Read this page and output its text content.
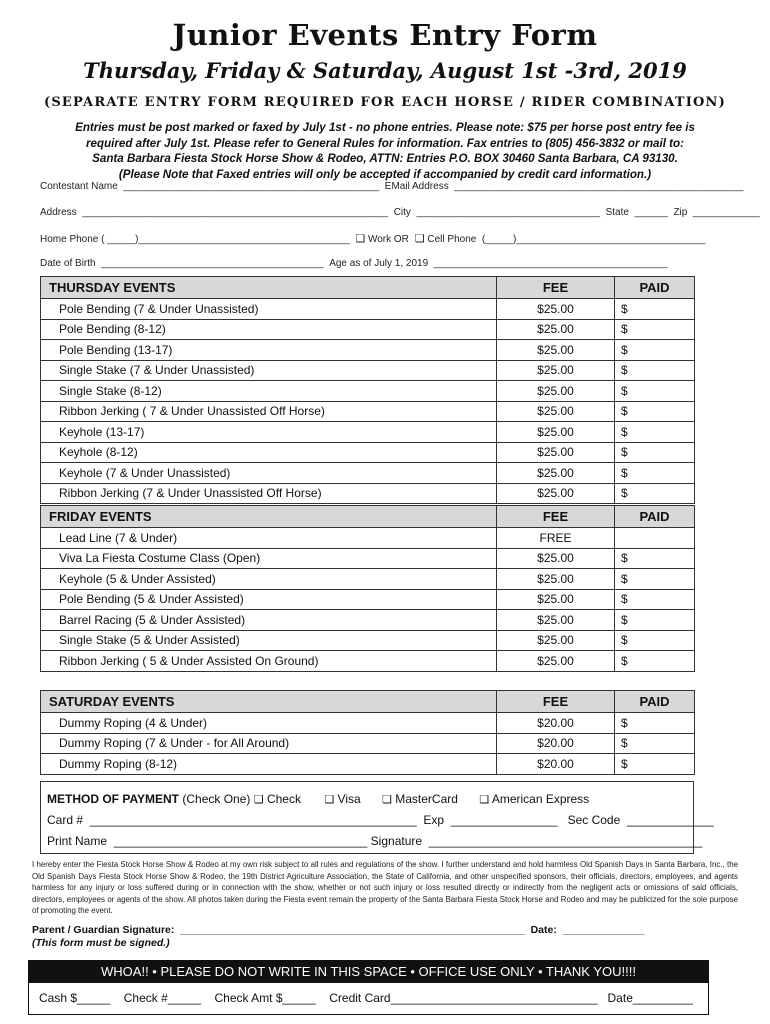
Junior Events Entry Form
Thursday, Friday & Saturday, August 1st -3rd, 2019
(SEPARATE ENTRY FORM REQUIRED FOR EACH HORSE / RIDER COMBINATION)
Entries must be post marked or faxed by July 1st - no phone entries. Please note: $75 per horse post entry fee is
required after July 1st. Please refer to General Rules for information. Fax entries to (805) 456-3832 or mail to:
Santa Barbara Fiesta Stock Horse Show & Rodeo, ATTN: Entries P.O. BOX 30460 Santa Barbara, CA 93130.
(Please Note that Faxed entries will only be accepted if accompanied by credit card information.)
Contestant Name  ______________________________________________  EMail Address  ____________________________________________________
Address  _______________________________________________________  City  _________________________________  State  ______  Zip  ____________
Home Phone ( _____)______________________________________  ❏ Work OR  ❏ Cell Phone  (_____)__________________________________
Date of Birth  ________________________________________  Age as of July 1, 2019  __________________________________________
THURSDAY EVENTS	FEE	PAID
Pole Bending (7 & Under Unassisted)	$25.00	$
Pole Bending (8-12)	$25.00	$
Pole Bending (13-17)	$25.00	$
Single Stake (7 & Under Unassisted)	$25.00	$
Single Stake (8-12)	$25.00	$
Ribbon Jerking ( 7 & Under Unassisted Off Horse)	$25.00	$
Keyhole (13-17)	$25.00	$
Keyhole (8-12)	$25.00	$
Keyhole (7 & Under Unassisted)	$25.00	$
Ribbon Jerking (7 & Under Unassisted Off Horse)	$25.00	$
FRIDAY EVENTS	FEE	PAID
Lead Line (7 & Under)	FREE	
Viva La Fiesta Costume Class (Open)	$25.00	$
Keyhole (5 & Under Assisted)	$25.00	$
Pole Bending (5 & Under Assisted)	$25.00	$
Barrel Racing (5 & Under Assisted)	$25.00	$
Single Stake (5 & Under Assisted)	$25.00	$
Ribbon Jerking ( 5 & Under Assisted On Ground)	$25.00	$
SATURDAY EVENTS	FEE	PAID
Dummy Roping (4 & Under)	$20.00	$
Dummy Roping (7 & Under - for All Around)	$20.00	$
Dummy Roping (8-12)	$20.00	$
METHOD OF PAYMENT (Check One) ❏ Check ❏ Visa ❏ MasterCard ❏ American Express
Card #  _________________________________________________  Exp  ________________   Sec Code  _____________
Print Name  ______________________________________ Signature  _________________________________________
I hereby enter the Fiesta Stock Horse Show & Rodeo at my own risk subject to all rules and regulations of the show. I further understand and hold harmless Old Spanish Days in Santa Barbara, Inc., the Old Spanish Days Fiesta Stock Horse Show & Rodeo, the 19th District Agriculture Association, the State of California, and other unspecified sponsors, their officials, directors, employees, and agents harmless for any injury or loss suffered during or in connection with the show, whether or not such injury or loss resulted directly or indirectly from the negligent acts or omissions of said officials, directors, employees or agents of the show. All photos taken during the Fiesta event remain the property of the Santa Barbara Fiesta Stock Horse and Rodeo and may be publicized for the sole purpose of promoting the event.
Parent / Guardian Signature:  ___________________________________________________________  Date:  ______________
(This form must be signed.)
WHOA!! • PLEASE DO NOT WRITE IN THIS SPACE • OFFICE USE ONLY • THANK YOU!!!!
Cash $_____    Check #_____    Check Amt $_____    Credit Card_______________________________   Date_________
